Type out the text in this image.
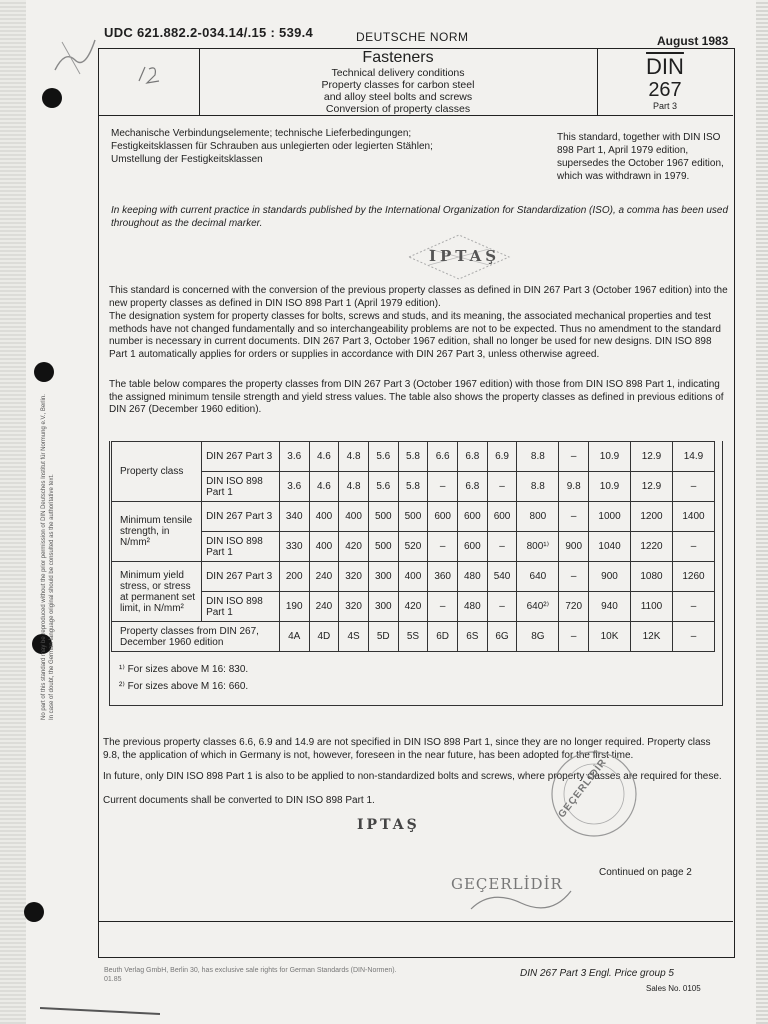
No part of this standard may be reproduced without the prior permission of DIN Deutsches Institut für Normung e.V., Berlin. In case of doubt, the German-language original should be consulted as the authoritative text.
UDC 621.882.2-034.14/.15 : 539.4	DEUTSCHE NORM	August 1983
Fasteners
Technical delivery conditions
Property classes for carbon steel
and alloy steel bolts and screws
Conversion of property classes
$\overline{DIN}$
267
Part 3
Mechanische Verbindungselemente; technische Lieferbedingungen; Festigkeitsklassen für Schrauben aus unlegierten oder legierten Stählen; Umstellung der Festigkeitsklassen
This standard, together with DIN ISO 898 Part 1, April 1979 edition, supersedes the October 1967 edition, which was withdrawn in 1979.
In keeping with current practice in standards published by the International Organization for Standardization (ISO), a comma has been used throughout as the decimal marker.
IPTAŞ
This standard is concerned with the conversion of the previous property classes as defined in DIN 267 Part 3 (October 1967 edition) into the new property classes as defined in DIN ISO 898 Part 1 (April 1979 edition).
The designation system for property classes for bolts, screws and studs, and its meaning, the associated mechanical properties and test methods have not changed fundamentally and so interchangeability problems are not to be expected. Thus no amendment to the standard number is necessary in current documents. DIN 267 Part 3, October 1967 edition, shall no longer be used for new designs. DIN ISO 898 Part 1 automatically applies for orders or supplies in accordance with DIN 267 Part 3, unless otherwise agreed.
The table below compares the property classes from DIN 267 Part 3 (October 1967 edition) with those from DIN ISO 898 Part 1, indicating the assigned minimum tensile strength and yield stress values. The table also shows the property classes as defined in previous editions of DIN 267 (December 1960 edition).
Property class	DIN 267 Part 3	3.6	4.6	4.8	5.6	5.8	6.6	6.8	6.9	8.8	–	10.9	12.9	14.9
	DIN ISO 898 Part 1	3.6	4.6	4.8	5.6	5.8	–	6.8	–	8.8	9.8	10.9	12.9	–
Minimum tensile strength, in N/mm²	DIN 267 Part 3	340	400	400	500	500	600	600	600	800	–	1000	1200	1400
	DIN ISO 898 Part 1	330	400	420	500	520	–	600	–	800¹⁾	900	1040	1220	–
Minimum yield stress, or stress at permanent set limit, in N/mm²	DIN 267 Part 3	200	240	320	300	400	360	480	540	640	–	900	1080	1260
	DIN ISO 898 Part 1	190	240	320	300	420	–	480	–	640²⁾	720	940	1100	–
Property classes from DIN 267, December 1960 edition		4A	4D	4S	5D	5S	6D	6S	6G	8G	–	10K	12K	–
¹⁾ For sizes above M 16: 830.
²⁾ For sizes above M 16: 660.
The previous property classes 6.6, 6.9 and 14.9 are not specified in DIN ISO 898 Part 1, since they are no longer required. Property class 9.8, the application of which in Germany is not, however, foreseen in the near future, has been adopted for the first time.
In future, only DIN ISO 898 Part 1 is also to be applied to non-standardized bolts and screws, where property classes are required for these.
Current documents shall be converted to DIN ISO 898 Part 1.
IPTAŞ
GEÇERLİDİR
Continued on page 2
GEÇERLİDİR
Beuth Verlag GmbH, Berlin 30, has exclusive sale rights for German Standards (DIN-Normen).
01.85
DIN 267 Part 3 Engl. Price group 5
Sales No. 0105
